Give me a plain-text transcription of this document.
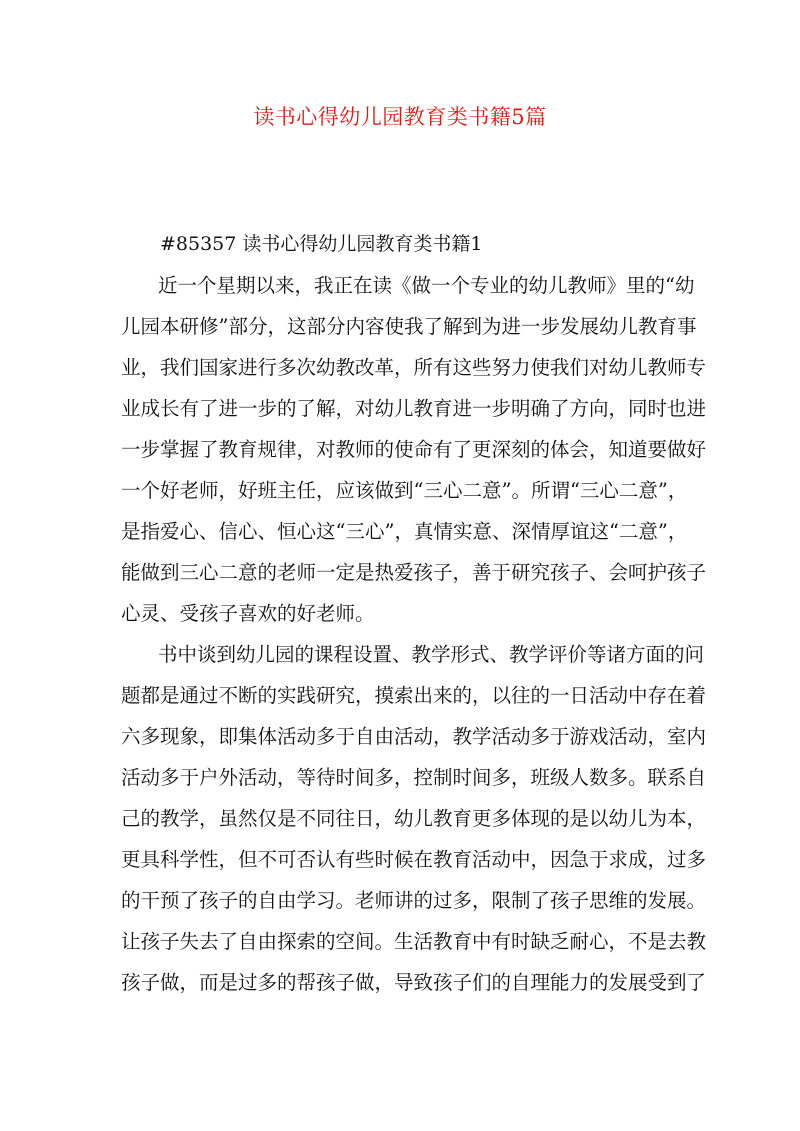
读书心得幼儿园教育类书籍5篇

#85357 读书心得幼儿园教育类书籍1

近一个星期以来，我正在读《做一个专业的幼儿教师》里的“幼

儿园本研修”部分，这部分内容使我了解到为进一步发展幼儿教育事

业，我们国家进行多次幼教改革，所有这些努力使我们对幼儿教师专

业成长有了进一步的了解，对幼儿教育进一步明确了方向，同时也进

一步掌握了教育规律，对教师的使命有了更深刻的体会，知道要做好

一个好老师，好班主任，应该做到“三心二意”。所谓“三心二意”，

是指爱心、信心、恒心这“三心”，真情实意、深情厚谊这“二意”，

能做到三心二意的老师一定是热爱孩子，善于研究孩子、会呵护孩子

心灵、受孩子喜欢的好老师。

书中谈到幼儿园的课程设置、教学形式、教学评价等诸方面的问

题都是通过不断的实践研究，摸索出来的，以往的一日活动中存在着

六多现象，即集体活动多于自由活动，教学活动多于游戏活动，室内

活动多于户外活动，等待时间多，控制时间多，班级人数多。联系自

己的教学，虽然仅是不同往日，幼儿教育更多体现的是以幼儿为本，

更具科学性，但不可否认有些时候在教育活动中，因急于求成，过多

的干预了孩子的自由学习。老师讲的过多，限制了孩子思维的发展。

让孩子失去了自由探索的空间。生活教育中有时缺乏耐心，不是去教

孩子做，而是过多的帮孩子做，导致孩子们的自理能力的发展受到了
